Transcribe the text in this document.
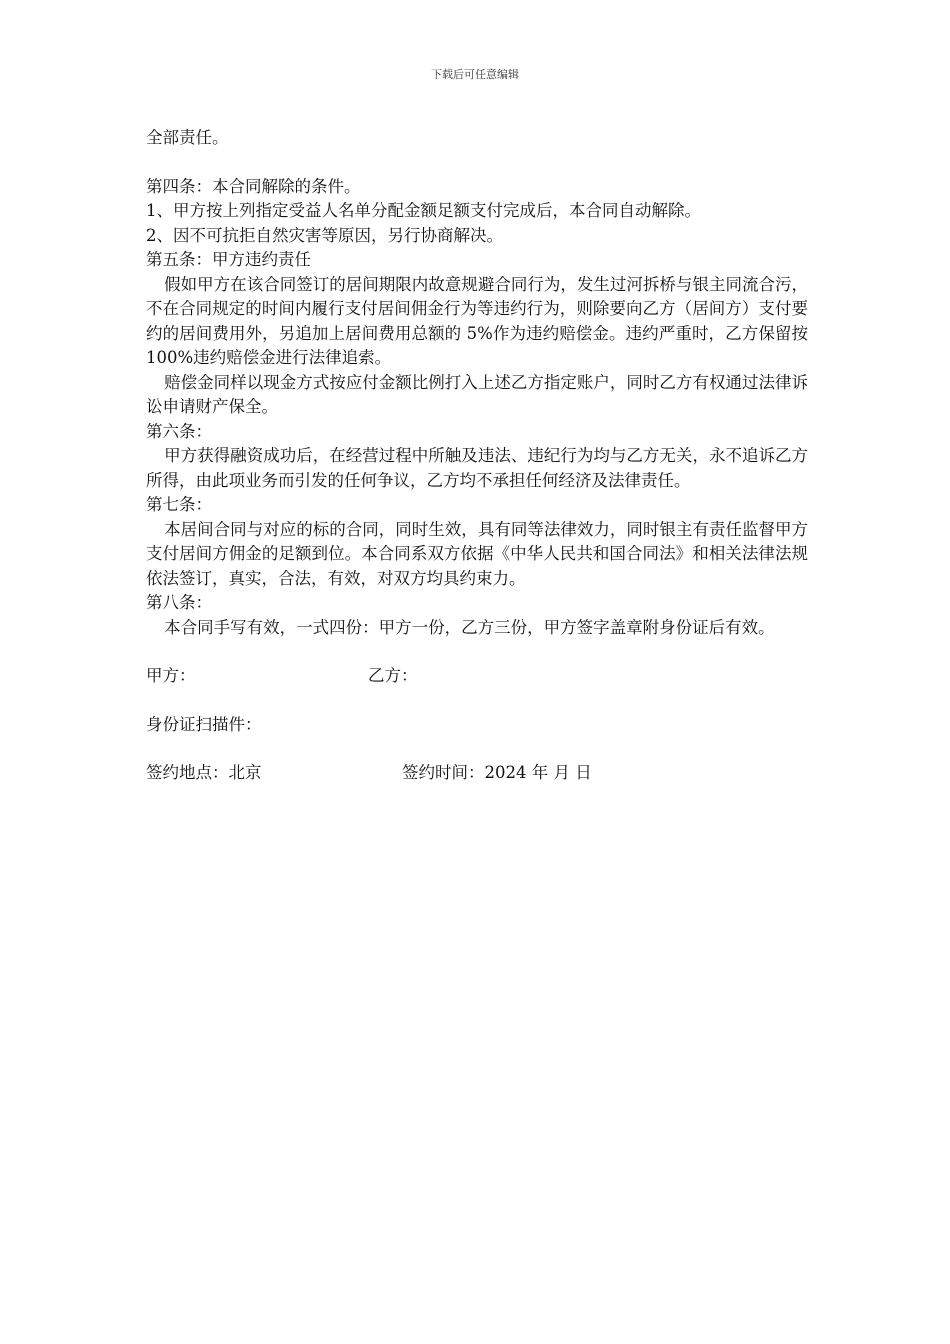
下载后可任意编辑

全部责任。

第四条：本合同解除的条件。

1、甲方按上列指定受益人名单分配金额足额支付完成后，本合同自动解除。

2、因不可抗拒自然灾害等原因，另行协商解决。

第五条：甲方违约责任

假如甲方在该合同签订的居间期限内故意规避合同行为，发生过河拆桥与银主同流合污，不在合同规定的时间内履行支付居间佣金行为等违约行为，则除要向乙方（居间方）支付要约的居间费用外，另追加上居间费用总额的 5%作为违约赔偿金。违约严重时，乙方保留按 100%违约赔偿金进行法律追索。

赔偿金同样以现金方式按应付金额比例打入上述乙方指定账户，同时乙方有权通过法律诉讼申请财产保全。

第六条：

甲方获得融资成功后，在经营过程中所触及违法、违纪行为均与乙方无关，永不追诉乙方所得，由此项业务而引发的任何争议，乙方均不承担任何经济及法律责任。

第七条：

本居间合同与对应的标的合同，同时生效，具有同等法律效力，同时银主有责任监督甲方支付居间方佣金的足额到位。本合同系双方依据《中华人民共和国合同法》和相关法律法规依法签订，真实，合法，有效，对双方均具约束力。

第八条：

本合同手写有效，一式四份：甲方一份，乙方三份，甲方签字盖章附身份证后有效。

甲方：	乙方：

身份证扫描件：

签约地点：北京	签约时间：2024 年 月 日
